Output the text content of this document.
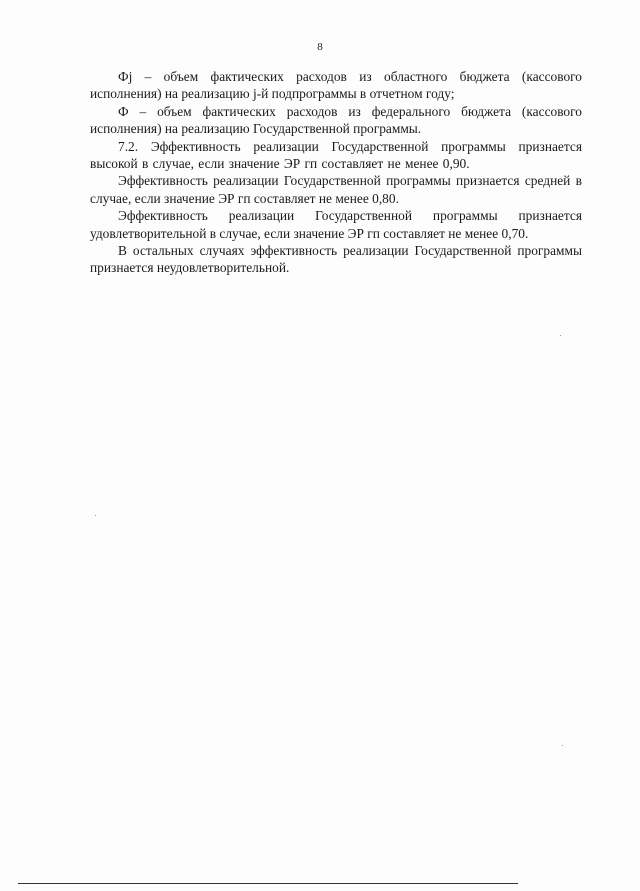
8

Фj – объем фактических расходов из областного бюджета (кассового исполнения) на реализацию j-й подпрограммы в отчетном году;

Ф – объем фактических расходов из федерального бюджета (кассового исполнения) на реализацию Государственной программы.

7.2. Эффективность реализации Государственной программы признается высокой в случае, если значение ЭР гп составляет не менее 0,90.

Эффективность реализации Государственной программы признается средней в случае, если значение ЭР гп составляет не менее 0,80.

Эффективность реализации Государственной программы признается удовлетворительной в случае, если значение ЭР гп составляет не менее 0,70.

В остальных случаях эффективность реализации Государственной программы признается неудовлетворительной.
